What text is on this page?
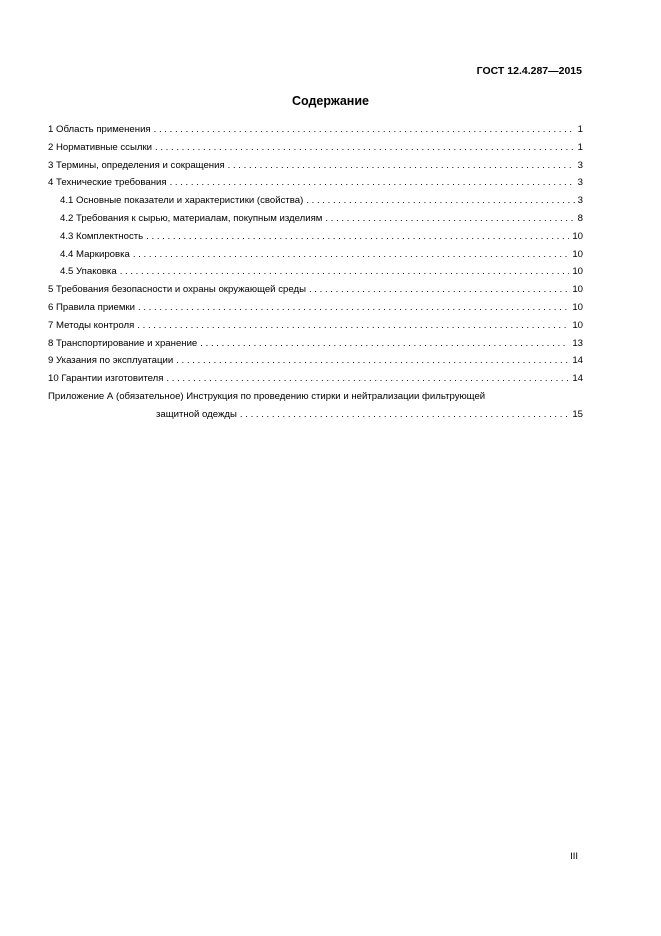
ГОСТ 12.4.287—2015
Содержание
1 Область применения . . .	1
2 Нормативные ссылки . . .	1
3 Термины, определения и сокращения . . .	3
4 Технические требования . . .	3
4.1 Основные показатели и характеристики (свойства) . . .	3
4.2 Требования к сырью, материалам, покупным изделиям . . .	8
4.3 Комплектность . . .	10
4.4 Маркировка . . .	10
4.5 Упаковка . . .	10
5 Требования безопасности и охраны окружающей среды . . .	10
6 Правила приемки . . .	10
7 Методы контроля . . .	10
8 Транспортирование и хранение . . .	13
9 Указания по эксплуатации . . .	14
10 Гарантии изготовителя . . .	14
Приложение А (обязательное) Инструкция по проведению стирки и нейтрализации фильтрующей
защитной одежды . . .	15
III
